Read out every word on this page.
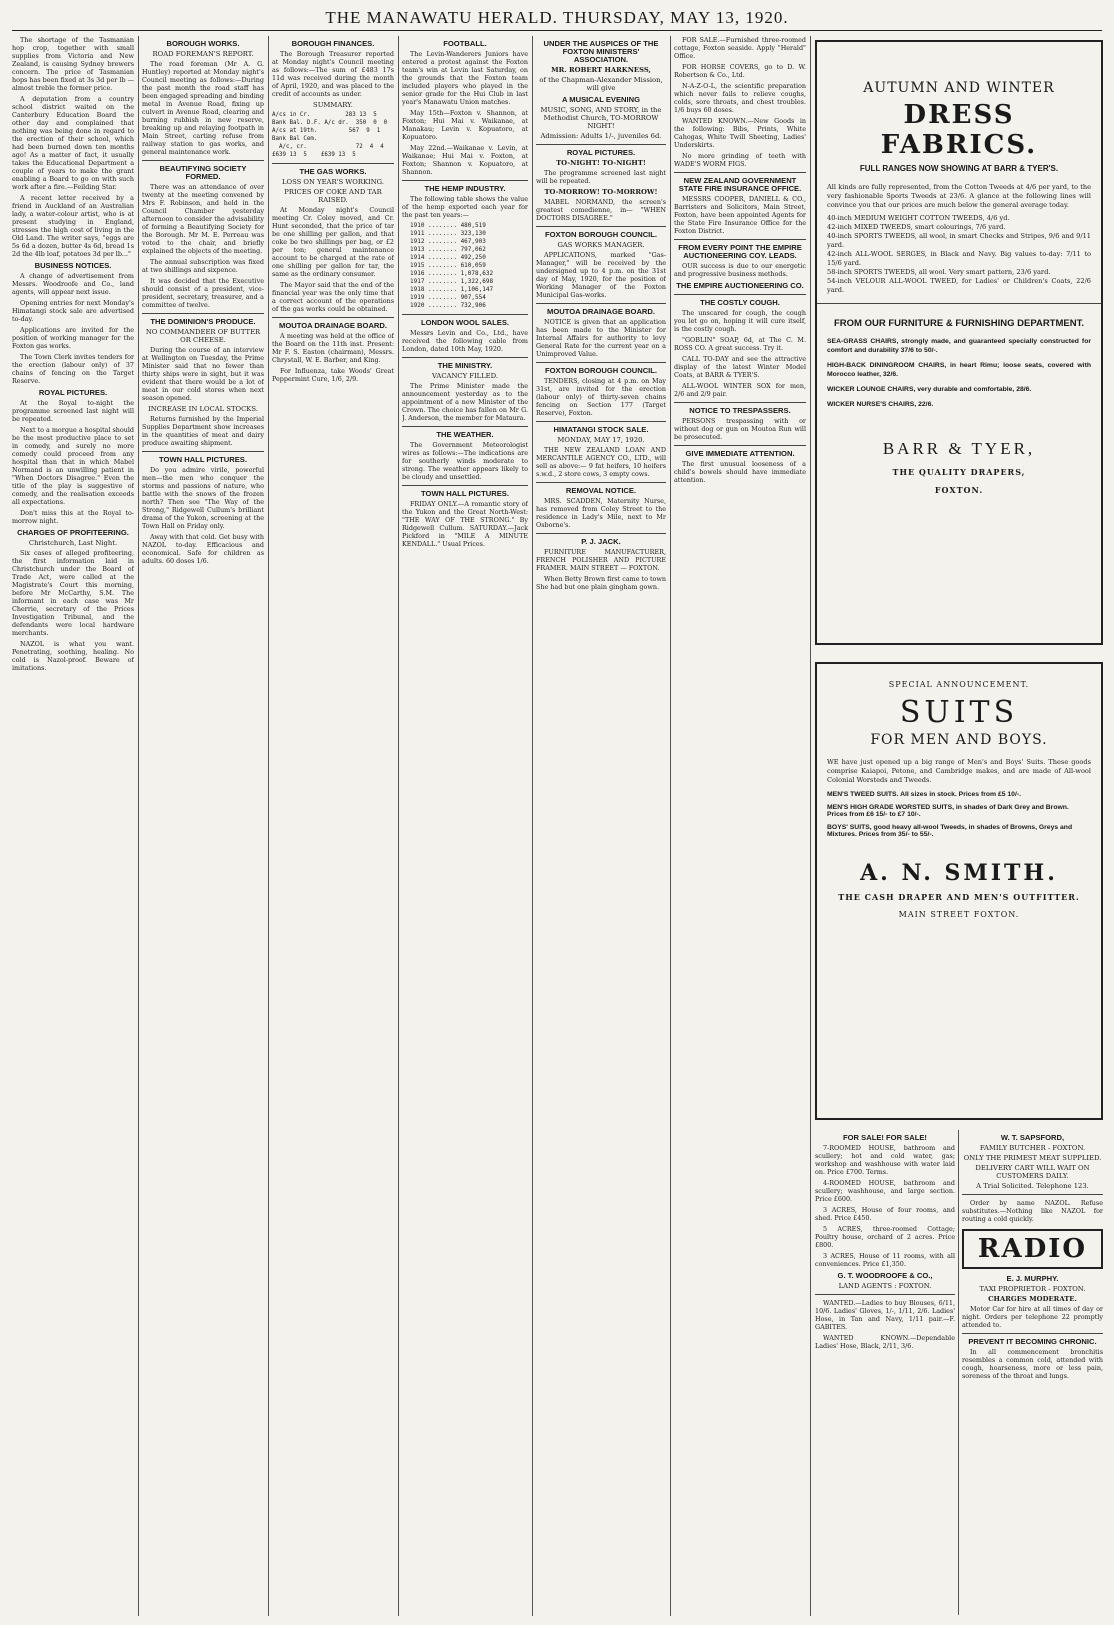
THE MANAWATU HERALD. THURSDAY, MAY 13, 1920.
The shortage of the Tasmanian hop crop, together with small supplies from Victoria and New Zealand, is causing Sydney brewers concern. The price of Tasmanian hops has been fixed at 3s 3d per lb —almost treble the former price.
A deputation from a country school district waited on the Canterbury Education Board the other day and complained that nothing was being done in regard to the erection of their school, which had been burned down ten months ago! As a matter of fact, it usually takes the Educational Department a couple of years to make the grant enabling a Board to go on with such work after a fire.—Feilding Star.
A recent letter received by a friend in Auckland of an Australian lady, a water-colour artist, who is at present studying in England, stresses the high cost of living in the Old Land. The writer says, "eggs are 5s 6d a dozen, butter 4s 6d, bread 1s 2d the 4lb loaf, potatoes 3d per lb..."
BUSINESS NOTICES.
A change of advertisement from Messrs. Woodroofe and Co., land agents, will appear next issue.
Opening entries for next Monday's Himatangi stock sale are advertised to-day.
Applications are invited for the position of working manager for the Foxton gas works.
The Town Clerk invites tenders for the erection (labour only) of 37 chains of fencing on the Target Reserve.
ROYAL PICTURES.
At the Royal to-night the programme screened last night will be repeated.
Next to a morgue a hospital should be the most productive place to set in comedy, and surely no more comedy could proceed from any hospital than that in which Mabel Normand is an unwilling patient in "When Doctors Disagree." Even the title of the play is suggestive of comedy, and the realisation exceeds all expectations.
Don't miss this at the Royal to-morrow night.
CHARGES OF PROFITEERING.
Christchurch, Last Night.
Six cases of alleged profiteering, the first information laid in Christchurch under the Board of Trade Act, were called at the Magistrate's Court this morning, before Mr McCarthy, S.M. The informant in each case was Mr Cherrie, secretary of the Prices Investigation Tribunal, and the defendants were local hardware merchants.
NAZOL is what you want. Penetrating, soothing, healing. No cold is Nazol-proof. Beware of imitations.
BOROUGH WORKS.
ROAD FOREMAN'S REPORT.
The road foreman (Mr A. G. Huntley) reported at Monday night's Council meeting as follows:—During the past month the road staff has been engaged spreading and binding metal in Avenue Road, fixing up culvert in Avenue Road, clearing and burning rubbish in new reserve, breaking up and relaying footpath in Main Street, carting refuse from railway station to gas works, and general maintenance work.
BEAUTIFYING SOCIETY FORMED.
There was an attendance of over twenty at the meeting convened by Mrs F. Robinson, and held in the Council Chamber yesterday afternoon to consider the advisability of forming a Beautifying Society for the Borough. Mr M. E. Perreau was voted to the chair, and briefly explained the objects of the meeting.
The annual subscription was fixed at two shillings and sixpence.
It was decided that the Executive should consist of a president, vice-president, secretary, treasurer, and a committee of twelve.
THE DOMINION'S PRODUCE.
NO COMMANDEER OF BUTTER OR CHEESE.
During the course of an interview at Wellington on Tuesday, the Prime Minister said that no fewer than thirty ships were in sight, but it was evident that there would be a lot of meat in our cold stores when next season opened.
INCREASE IN LOCAL STOCKS.
Returns furnished by the Imperial Supplies Department show increases in the quantities of meat and dairy produce awaiting shipment.
TOWN HALL PICTURES.
Do you admire virile, powerful men—the men who conquer the storms and passions of nature, who battle with the snows of the frozen north? Then see "The Way of the Strong," Ridgewell Cullum's brilliant drama of the Yukon, screening at the Town Hall on Friday only.
Away with that cold. Get busy with NAZOL to-day. Efficacious and economical. Safe for children as adults. 60 doses 1/6.
BOROUGH FINANCES.
The Borough Treasurer reported at Monday night's Council meeting as follows:—The sum of £483 17s 11d was received during the month of April, 1920, and was placed to the credit of accounts as under.
SUMMARY.
A/cs in Cr.          283 13  5
Bank Bal. D.F. A/c dr.  350  0  0
A/cs at 19th.         567  9  1
Bank Bal Cem.
A/c, cr.              72  4  4
£639 13  5    £639 13  5
THE GAS WORKS.
LOSS ON YEAR'S WORKING.
PRICES OF COKE AND TAR RAISED.
At Monday night's Council meeting Cr. Coley moved, and Cr. Hunt seconded, that the price of tar be one shilling per gallon, and that coke be two shillings per bag, or £2 per ton; general maintenance account to be charged at the rate of one shilling per gallon for tar, the same as the ordinary consumer.
The Mayor said that the end of the financial year was the only time that a correct account of the operations of the gas works could be obtained.
MOUTOA DRAINAGE BOARD.
A meeting was held at the office of the Board on the 11th inst. Present: Mr F. S. Easton (chairman), Messrs. Chrystall, W. E. Barber, and King.
For Influenza, take Woods' Great Peppermint Cure, 1/6, 2/9.
FOOTBALL.
The Levin-Wanderers Juniors have entered a protest against the Foxton team's win at Levin last Saturday, on the grounds that the Foxton team included players who played in the senior grade for the Hui Club in last year's Manawatu Union matches.
May 15th—Foxton v. Shannon, at Foxton; Hui Mai v. Waikanae, at Manakau; Levin v. Kopuatoro, at Kopuatoro.
May 22nd.—Waikanae v. Levin, at Waikanae; Hui Mai v. Foxton, at Foxton; Shannon v. Kopuatoro, at Shannon.
THE HEMP INDUSTRY.
The following table shows the value of the hemp exported each year for the past ten years:—
1910 ........ 480,519
1911 ........ 323,130
1912 ........ 467,903
1913 ........ 797,062
1914 ........ 492,250
1915 ........ 610,059
1916 ........ 1,078,632
1917 ........ 1,322,698
1918 ........ 1,106,147
1919 ........ 907,554
1920 ........ 732,906
LONDON WOOL SALES.
Messrs Levin and Co., Ltd., have received the following cable from London, dated 10th May, 1920.
THE MINISTRY.
VACANCY FILLED.
The Prime Minister made the announcement yesterday as to the appointment of a new Minister of the Crown. The choice has fallen on Mr G. J. Anderson, the member for Mataura.
THE WEATHER.
The Government Meteorologist wires as follows:—The indications are for southerly winds moderate to strong. The weather appears likely to be cloudy and unsettled.
TOWN HALL PICTURES.
FRIDAY ONLY.—A romantic story of the Yukon and the Great North-West: "THE WAY OF THE STRONG." By Ridgewell Cullum. SATURDAY.—Jack Pickford in "MILE A MINUTE KENDALL." Usual Prices.
UNDER THE AUSPICES OF THE FOXTON MINISTERS' ASSOCIATION.
MR. ROBERT HARKNESS,
of the Chapman-Alexander Mission, will give
A MUSICAL EVENING
MUSIC, SONG, AND STORY, in the Methodist Church, TO-MORROW NIGHT!
Admission: Adults 1/-, juveniles 6d.
ROYAL PICTURES.
TO-NIGHT! TO-NIGHT!
The programme screened last night will be repeated.
TO-MORROW! TO-MORROW!
MABEL NORMAND, the screen's greatest comedienne, in— "WHEN DOCTORS DISAGREE."
FOXTON BOROUGH COUNCIL.
GAS WORKS MANAGER.
APPLICATIONS, marked "Gas-Manager," will be received by the undersigned up to 4 p.m. on the 31st day of May, 1920, for the position of Working Manager of the Foxton Municipal Gas-works.
MOUTOA DRAINAGE BOARD.
NOTICE is given that an application has been made to the Minister for Internal Affairs for authority to levy General Rate for the current year on a Unimproved Value.
FOXTON BOROUGH COUNCIL.
TENDERS, closing at 4 p.m. on May 31st, are invited for the erection (labour only) of thirty-seven chains fencing on Section 177 (Target Reserve), Foxton.
HIMATANGI STOCK SALE.
MONDAY, MAY 17, 1920.
THE NEW ZEALAND LOAN AND MERCANTILE AGENCY CO., LTD., will sell as above:— 9 fat heifers, 10 heifers s.w.d., 2 store cows, 3 empty cows.
REMOVAL NOTICE.
MRS. SCADDEN, Maternity Nurse, has removed from Coley Street to the residence in Lady's Mile, next to Mr Osborne's.
P. J. JACK.
FURNITURE MANUFACTURER, FRENCH POLISHER AND PICTURE FRAMER. MAIN STREET — FOXTON.
When Betty Brown first came to town She had but one plain gingham gown.
FOR SALE.—Furnished three-roomed cottage, Foxton seaside. Apply "Herald" Office.
FOR HORSE COVERS, go to D. W. Robertson & Co., Ltd.
N-A-Z-O-L, the scientific preparation which never fails to relieve coughs, colds, sore throats, and chest troubles. 1/6 buys 60 doses.
WANTED KNOWN.—New Goods in the following: Bibs, Prints, White Cahogas, White Twill Sheeting, Ladies' Underskirts.
No more grinding of teeth with WADE'S WORM FIGS.
NEW ZEALAND GOVERNMENT STATE FIRE INSURANCE OFFICE.
MESSRS COOPER, DANIELL & CO., Barristers and Solicitors, Main Street, Foxton, have been appointed Agents for the State Fire Insurance Office for the Foxton District.
FROM EVERY POINT THE EMPIRE AUCTIONEERING COY. LEADS.
OUR success is due to our energetic and progressive business methods.
THE EMPIRE AUCTIONEERING CO.
THE COSTLY COUGH.
The unscared for cough, the cough you let go on, hoping it will cure itself, is the costly cough.
"GOBLIN" SOAP, 6d, at The C. M. ROSS CO. A great success. Try it.
CALL TO-DAY and see the attractive display of the latest Winter Model Coats, at BARR & TYER'S.
ALL-WOOL WINTER SOX for men, 2/6 and 2/9 pair.
NOTICE TO TRESPASSERS.
PERSONS trespassing with or without dog or gun on Moutoa Run will be prosecuted.
GIVE IMMEDIATE ATTENTION.
The first unusual looseness of a child's bowels should have immediate attention.
AUTUMN AND WINTER
DRESS FABRICS.
FULL RANGES NOW SHOWING AT BARR & TYER'S.
All kinds are fully represented, from the Cotton Tweeds at 4/6 per yard, to the very fashionable Sports Tweeds at 23/6. A glance at the following lines will convince you that our prices are much below the general average today.
40-inch MEDIUM WEIGHT COTTON TWEEDS, 4/6 yd.
42-inch MIXED TWEEDS, smart colourings, 7/6 yard.
40-inch SPORTS TWEEDS, all wool, in smart Checks and Stripes, 9/6 and 9/11 yard.
42-inch ALL-WOOL SERGES, in Black and Navy. Big values to-day: 7/11 to 15/6 yard.
58-inch SPORTS TWEEDS, all wool. Very smart pattern, 23/6 yard.
54-inch VELOUR ALL-WOOL TWEED, for Ladies' or Children's Coats, 22/6 yard.
FROM OUR FURNITURE & FURNISHING DEPARTMENT.
SEA-GRASS CHAIRS, strongly made, and guaranteed specially constructed for comfort and durability 37/6 to 50/-.
HIGH-BACK DININGROOM CHAIRS, in heart Rimu; loose seats, covered with Morocco leather, 32/6.
WICKER LOUNGE CHAIRS, very durable and comfortable, 28/6.
WICKER NURSE'S CHAIRS, 22/6.
BARR & TYER,
THE QUALITY DRAPERS,
FOXTON.
SPECIAL ANNOUNCEMENT.
SUITS
FOR MEN AND BOYS.
WE have just opened up a big range of Men's and Boys' Suits. These goods comprise Kaiapoi, Petone, and Cambridge makes, and are made of All-wool Colonial Worsteds and Tweeds.
MEN'S TWEED SUITS. All sizes in stock. Prices from £5 10/-.
MEN'S HIGH GRADE WORSTED SUITS, in shades of Dark Grey and Brown. Prices from £6 15/- to £7 10/-.
BOYS' SUITS, good heavy all-wool Tweeds, in shades of Browns, Greys and Mixtures. Prices from 35/- to 55/-.
A. N. SMITH.
THE CASH DRAPER AND MEN'S OUTFITTER.
MAIN STREET FOXTON.
FOR SALE! FOR SALE!
7-ROOMED HOUSE, bathroom and scullery; hot and cold water, gas; workshop and washhouse with water laid on. Price £700. Terms.
4-ROOMED HOUSE, bathroom and scullery; washhouse, and large section. Price £600.
3 ACRES, House of four rooms, and shed. Price £450.
5 ACRES, three-roomed Cottage; Poultry house, orchard of 2 acres. Price £800.
3 ACRES, House of 11 rooms, with all conveniences. Price £1,350.
G. T. WOODROOFE & CO.,
LAND AGENTS : FOXTON.
WANTED.—Ladies to buy Blouses, 6/11, 10/6. Ladies' Gloves, 1/-, 1/11, 2/6. Ladies' Hose, in Tan and Navy, 1/11 pair.—F. GABITES.
WANTED KNOWN.—Dependable Ladies' Hose, Black, 2/11, 3/6.
W. T. SAPSFORD,
FAMILY BUTCHER - FOXTON.
ONLY THE PRIMEST MEAT SUPPLIED.
DELIVERY CART WILL WAIT ON CUSTOMERS DAILY.
A Trial Solicited. Telephone 123.
Order by name NAZOL. Refuse substitutes.—Nothing like NAZOL for routing a cold quickly.
RADIO
E. J. MURPHY.
TAXI PROPRIETOR - FOXTON.
CHARGES MODERATE.
Motor Car for hire at all times of day or night. Orders per telephone 22 promptly attended to.
PREVENT IT BECOMING CHRONIC.
In all commencement bronchitis resembles a common cold, attended with cough, hoarseness, more or less pain, soreness of the throat and lungs.
